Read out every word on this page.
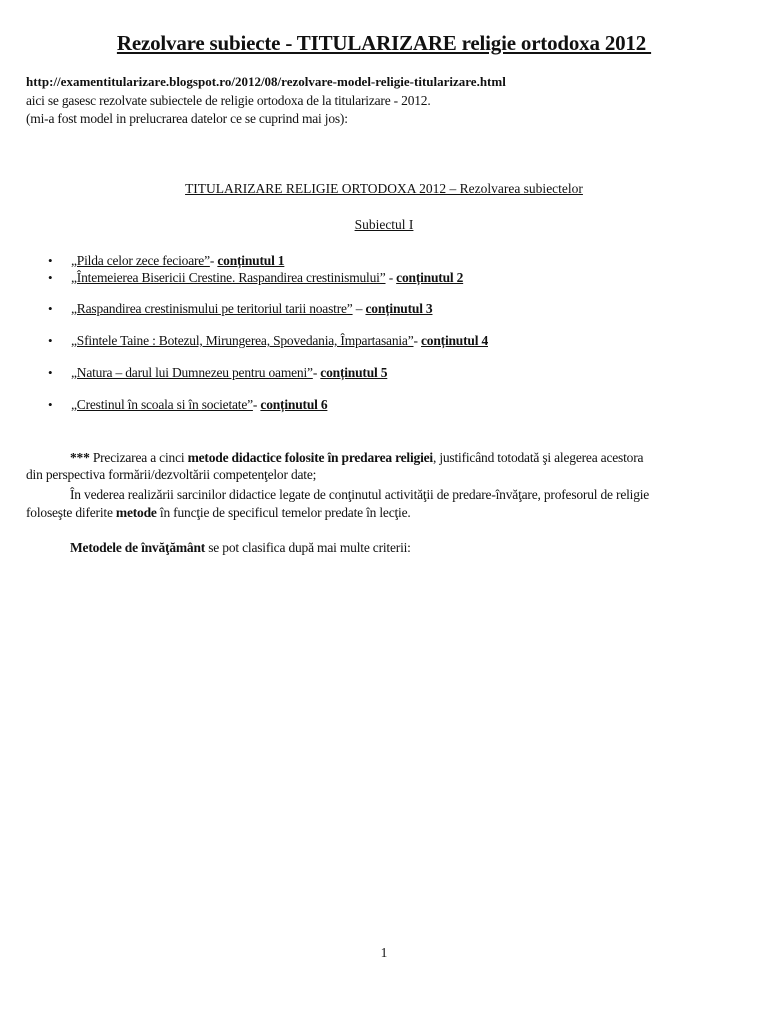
Rezolvare subiecte - TITULARIZARE religie ortodoxa 2012
http://examentitularizare.blogspot.ro/2012/08/rezolvare-model-religie-titularizare.html
aici se gasesc rezolvate subiectele de religie ortodoxa de la titularizare - 2012.
(mi-a fost model in prelucrarea datelor ce se cuprind mai jos):
TITULARIZARE RELIGIE ORTODOXA 2012 – Rezolvarea subiectelor
Subiectul I
• „Pilda celor zece fecioare”- conținutul 1
• „Întemeierea Bisericii Crestine. Raspandirea crestinismului” - conținutul 2
• „Raspandirea crestinismului pe teritoriul tarii noastre” – conținutul 3
• „Sfintele Taine : Botezul, Mirungerea, Spovedania, Împartasania”- conținutul 4
• „Natura – darul lui Dumnezeu pentru oameni”- conținutul 5
• „Crestinul în scoala si în societate”- conținutul 6
*** Precizarea a cinci metode didactice folosite în predarea religiei, justificând totodată şi alegerea acestora
din perspectiva formării/dezvoltării competenţelor date;
În vederea realizării sarcinilor didactice legate de conţinutul activităţii de predare-învăţare, profesorul de religie
foloseşte diferite metode în funcţie de specificul temelor predate în lecţie.
Metodele de învăţământ se pot clasifica după mai multe criterii:
1
